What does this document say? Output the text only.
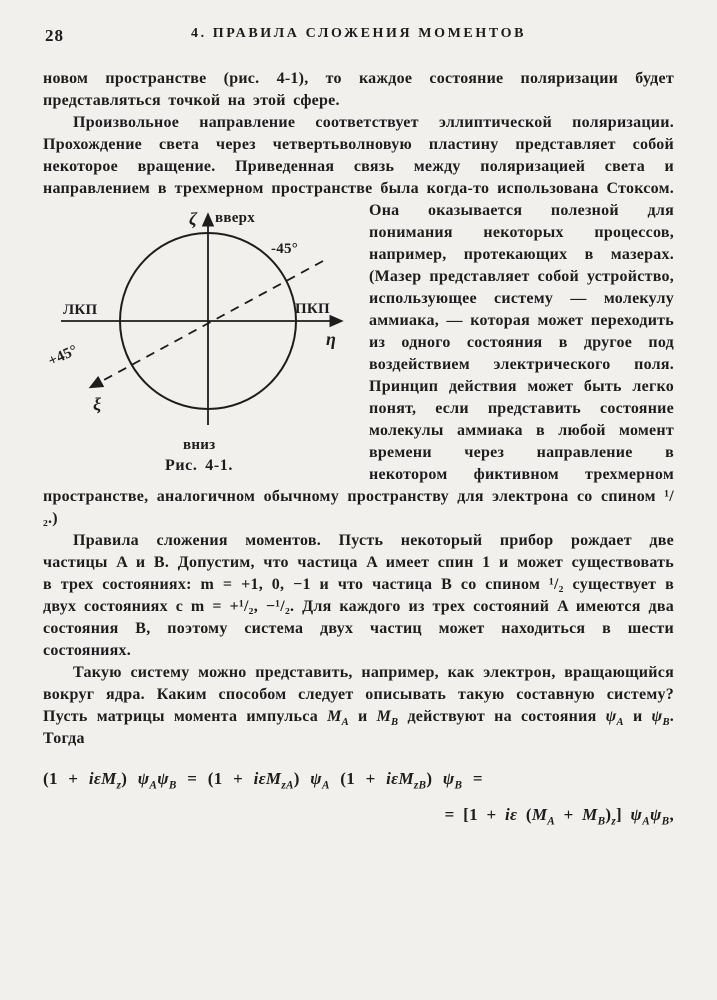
28	4. ПРАВИЛА СЛОЖЕНИЯ МОМЕНТОВ

новом пространстве (рис. 4-1), то каждое состояние поляризации будет представляться точкой на этой сфере.

Произвольное направление соответствует эллиптической поляризации. Прохождение света через четвертьволновую пластину представляет собой некоторое вращение. Приведенная связь между поляризацией света и направлением в трехмерном пространстве была когда-то использована Стоксом. Она оказывается полезной для
ζ вверх
-45°
ЛКП	ПКП
η
+45°
ξ
вниз
Рис. 4-1.
понимания некоторых процессов, например, протекающих в мазерах. (Мазер представляет собой устройство, использующее систему — молекулу аммиака, — которая может переходить из одного состояния в другое под воздействием электрического поля. Принцип действия может быть легко понят, если представить состояние молекулы аммиака в любой момент времени через направление в некотором фиктивном трехмерном пространстве, аналогичном обычному пространству для электрона со спином ¹/₂.)

Правила сложения моментов. Пусть некоторый прибор рождает две частицы A и B. Допустим, что частица A имеет спин 1 и может существовать в трех состояниях: m = +1, 0, −1 и что частица B со спином ¹/₂ существует в двух состояниях с m = +¹/₂, −¹/₂. Для каждого из трех состояний A имеются два состояния B, поэтому система двух частиц может находиться в шести состояниях.

Такую систему можно представить, например, как электрон, вращающийся вокруг ядра. Каким способом следует описывать такую составную систему? Пусть матрицы момента импульса $M_A$ и $M_B$ действуют на состояния $\psi_A$ и $\psi_B$. Тогда

(1 + iεM$_z$) $\psi_A\psi_B = (1 + i\varepsilon M_{zA})$ $\psi_A$ (1 + iεM$_{zB}$) $\psi_B$ =
= [1 + iε $(M_A + M_B)_z$] $\psi_A\psi_B$,
